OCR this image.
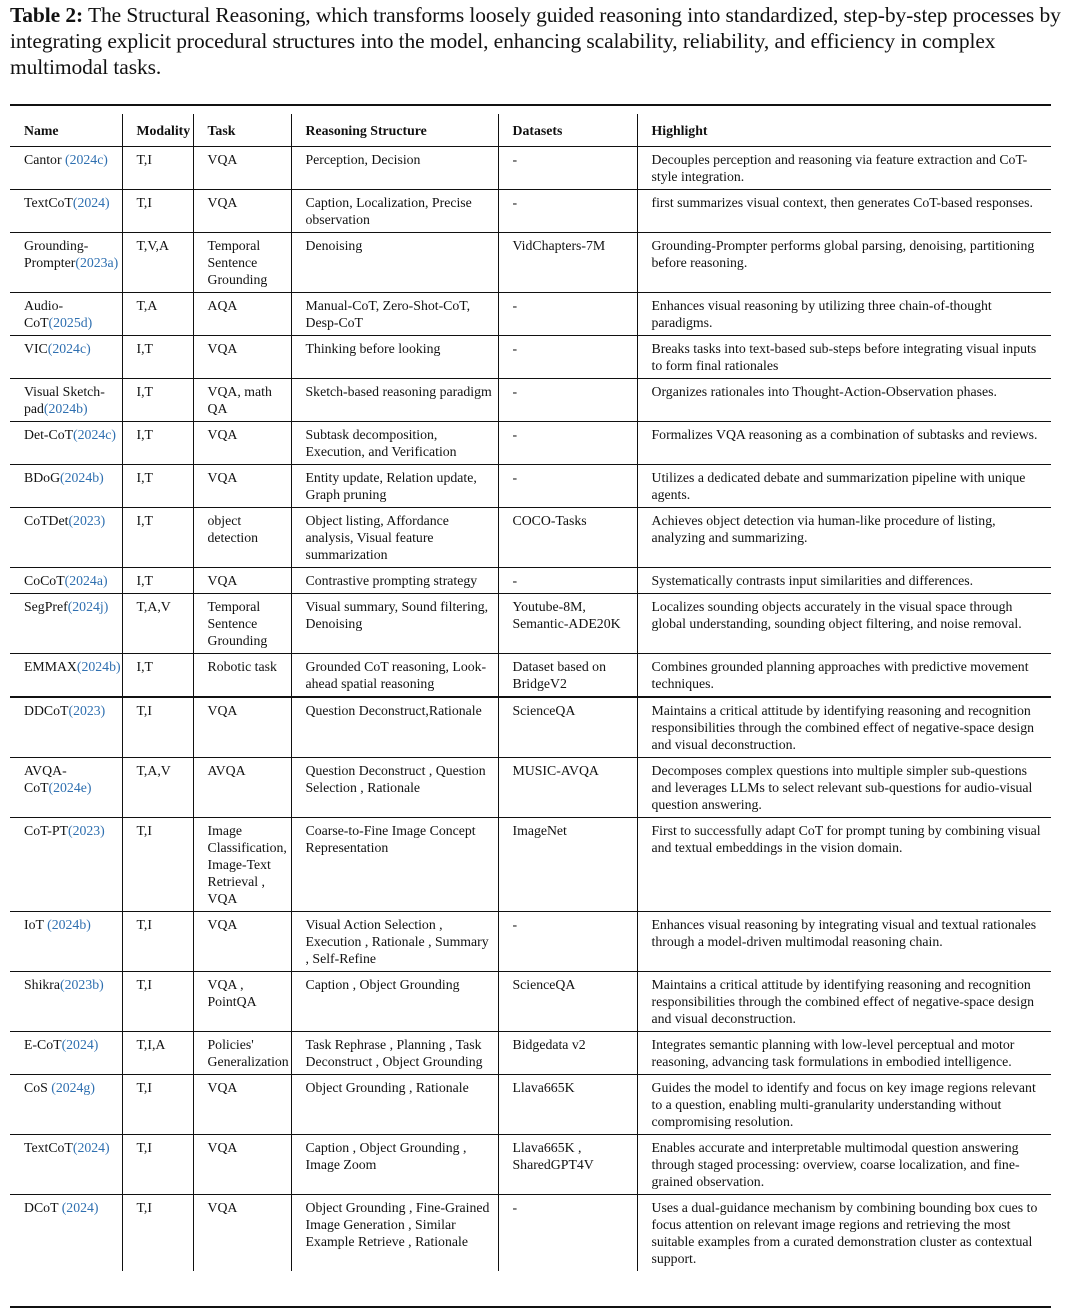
Table 2: The Structural Reasoning, which transforms loosely guided reasoning into standardized, step-by-step processes by integrating explicit procedural structures into the model, enhancing scalability, reliability, and efficiency in complex multimodal tasks.
Name	Modality	Task	Reasoning Structure	Datasets	Highlight
Cantor (2024c)	T,I	VQA	Perception, Decision	-	Decouples perception and reasoning via feature extraction and CoT-style integration.
TextCoT(2024)	T,I	VQA	Caption, Localization, Precise observation	-	first summarizes visual context, then generates CoT-based responses.
Grounding-Prompter(2023a)	T,V,A	Temporal Sentence Grounding	Denoising	VidChapters-7M	Grounding-Prompter performs global parsing, denoising, partitioning before reasoning.
Audio-CoT(2025d)	T,A	AQA	Manual-CoT, Zero-Shot-CoT, Desp-CoT	-	Enhances visual reasoning by utilizing three chain-of-thought paradigms.
VIC(2024c)	I,T	VQA	Thinking before looking	-	Breaks tasks into text-based sub-steps before integrating visual inputs to form final rationales
Visual Sketch-pad(2024b)	I,T	VQA, math QA	Sketch-based reasoning paradigm	-	Organizes rationales into Thought-Action-Observation phases.
Det-CoT(2024c)	I,T	VQA	Subtask decomposition, Execution, and Verification	-	Formalizes VQA reasoning as a combination of subtasks and reviews.
BDoG(2024b)	I,T	VQA	Entity update, Relation update, Graph pruning	-	Utilizes a dedicated debate and summarization pipeline with unique agents.
CoTDet(2023)	I,T	object detection	Object listing, Affordance analysis, Visual feature summarization	COCO-Tasks	Achieves object detection via human-like procedure of listing, analyzing and summarizing.
CoCoT(2024a)	I,T	VQA	Contrastive prompting strategy	-	Systematically contrasts input similarities and differences.
SegPref(2024j)	T,A,V	Temporal Sentence Grounding	Visual summary, Sound filtering, Denoising	Youtube-8M, Semantic-ADE20K	Localizes sounding objects accurately in the visual space through global understanding, sounding object filtering, and noise removal.
EMMAX(2024b)	I,T	Robotic task	Grounded CoT reasoning, Look-ahead spatial reasoning	Dataset based on BridgeV2	Combines grounded planning approaches with predictive movement techniques.
DDCoT(2023)	T,I	VQA	Question Deconstruct,Rationale	ScienceQA	Maintains a critical attitude by identifying reasoning and recognition responsibilities through the combined effect of negative-space design and visual deconstruction.
AVQA-CoT(2024e)	T,A,V	AVQA	Question Deconstruct , Question Selection , Rationale	MUSIC-AVQA	Decomposes complex questions into multiple simpler sub-questions and leverages LLMs to select relevant sub-questions for audio-visual question answering.
CoT-PT(2023)	T,I	Image Classification, Image-Text Retrieval , VQA	Coarse-to-Fine Image Concept Representation	ImageNet	First to successfully adapt CoT for prompt tuning by combining visual and textual embeddings in the vision domain.
IoT (2024b)	T,I	VQA	Visual Action Selection , Execution , Rationale , Summary , Self-Refine	-	Enhances visual reasoning by integrating visual and textual rationales through a model-driven multimodal reasoning chain.
Shikra(2023b)	T,I	VQA , PointQA	Caption , Object Grounding	ScienceQA	Maintains a critical attitude by identifying reasoning and recognition responsibilities through the combined effect of negative-space design and visual deconstruction.
E-CoT(2024)	T,I,A	Policies' Generalization	Task Rephrase , Planning , Task Deconstruct , Object Grounding	Bidgedata v2	Integrates semantic planning with low-level perceptual and motor reasoning, advancing task formulations in embodied intelligence.
CoS (2024g)	T,I	VQA	Object Grounding , Rationale	Llava665K	Guides the model to identify and focus on key image regions relevant to a question, enabling multi-granularity understanding without compromising resolution.
TextCoT(2024)	T,I	VQA	Caption , Object Grounding , Image Zoom	Llava665K , SharedGPT4V	Enables accurate and interpretable multimodal question answering through staged processing: overview, coarse localization, and fine-grained observation.
DCoT (2024)	T,I	VQA	Object Grounding , Fine-Grained Image Generation , Similar Example Retrieve , Rationale	-	Uses a dual-guidance mechanism by combining bounding box cues to focus attention on relevant image regions and retrieving the most suitable examples from a curated demonstration cluster as contextual support.
